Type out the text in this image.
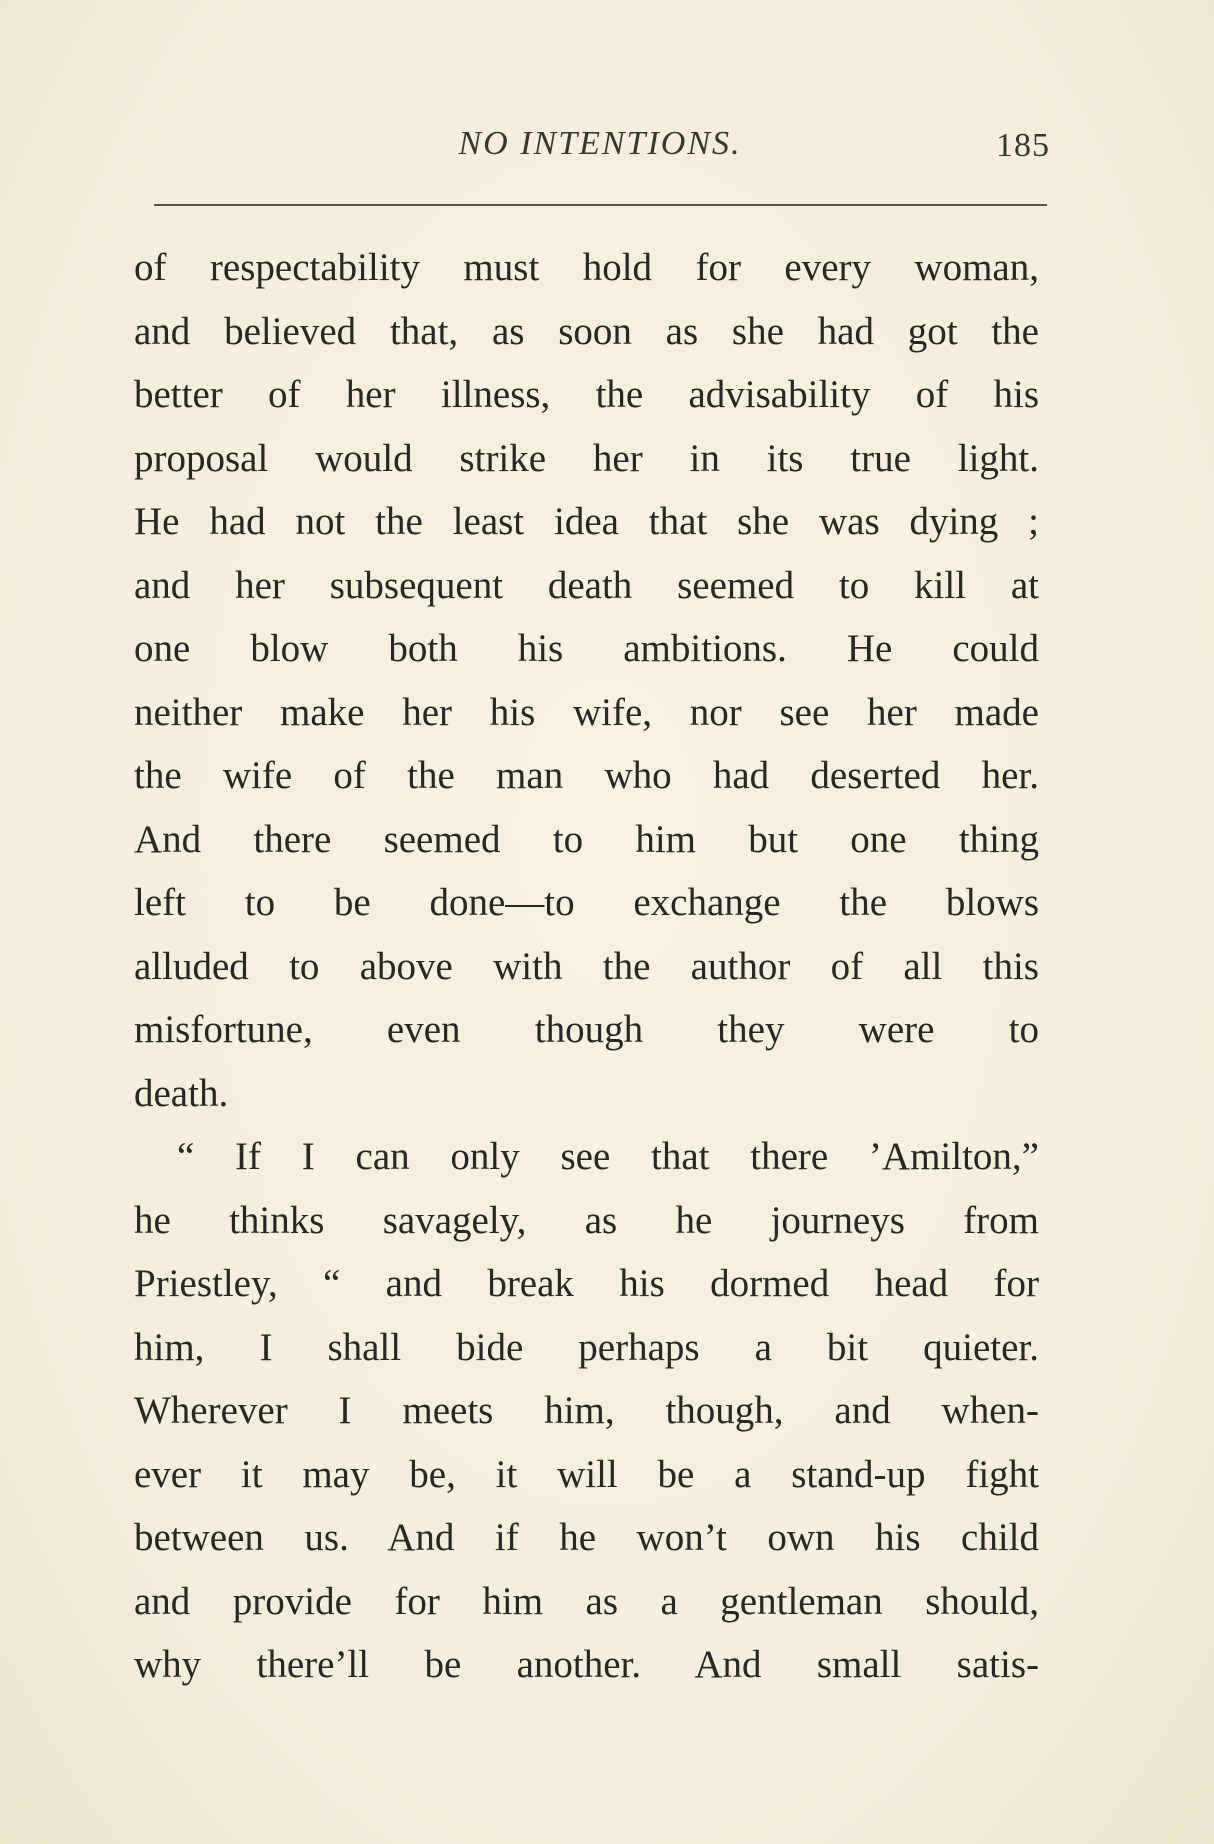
NO INTENTIONS.	185
of respectability must hold for every woman,
and believed that, as soon as she had got the
better of her illness, the advisability of his
proposal would strike her in its true light.
He had not the least idea that she was dying ;
and her subsequent death seemed to kill at
one blow both his ambitions. He could
neither make her his wife, nor see her made
the wife of the man who had deserted her.
And there seemed to him but one thing
left to be done—to exchange the blows
alluded to above with the author of all this
misfortune, even though they were to
death.
“ If I can only see that there ’Amilton,”
he thinks savagely, as he journeys from
Priestley, “ and break his dormed head for
him, I shall bide perhaps a bit quieter.
Wherever I meets him, though, and when-
ever it may be, it will be a stand-up fight
between us. And if he won’t own his child
and provide for him as a gentleman should,
why there’ll be another. And small satis-
